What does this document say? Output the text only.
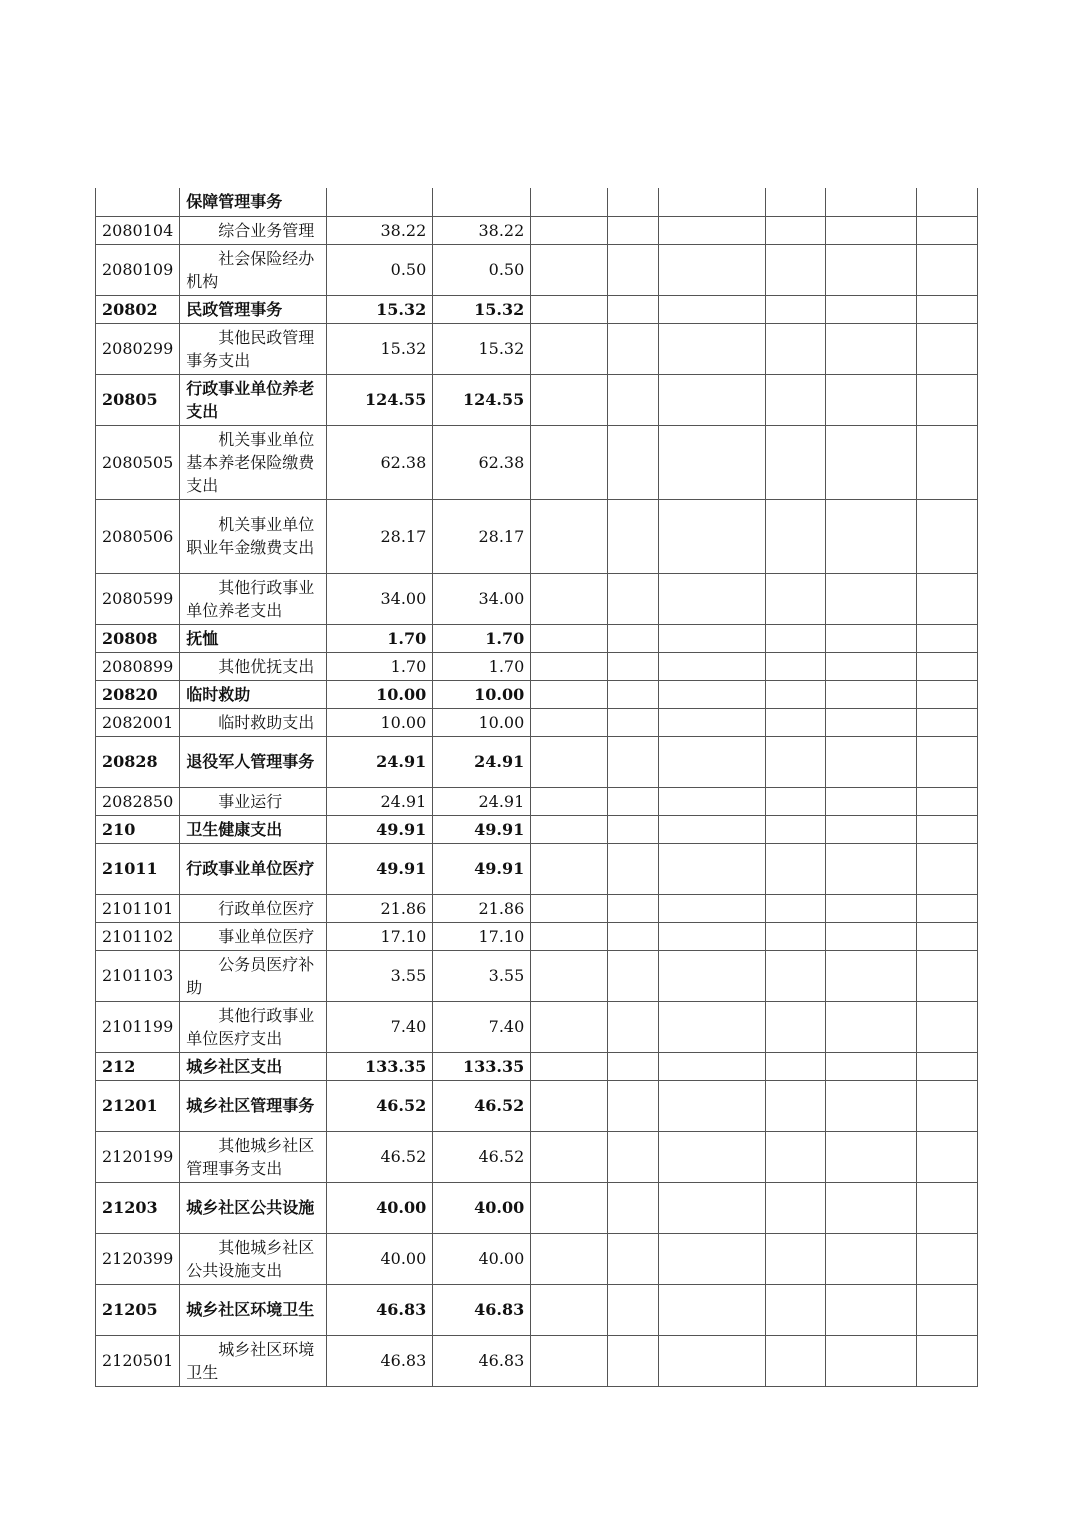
	保障管理事务								
2080104	综合业务管理	38.22	38.22						
2080109	社会保险经办机构	0.50	0.50						
20802	民政管理事务	15.32	15.32						
2080299	其他民政管理事务支出	15.32	15.32						
20805	行政事业单位养老支出	124.55	124.55						
2080505	机关事业单位基本养老保险缴费支出	62.38	62.38						
2080506	机关事业单位职业年金缴费支出	28.17	28.17						
2080599	其他行政事业单位养老支出	34.00	34.00						
20808	抚恤	1.70	1.70						
2080899	其他优抚支出	1.70	1.70						
20820	临时救助	10.00	10.00						
2082001	临时救助支出	10.00	10.00						
20828	退役军人管理事务	24.91	24.91						
2082850	事业运行	24.91	24.91						
210	卫生健康支出	49.91	49.91						
21011	行政事业单位医疗	49.91	49.91						
2101101	行政单位医疗	21.86	21.86						
2101102	事业单位医疗	17.10	17.10						
2101103	公务员医疗补助	3.55	3.55						
2101199	其他行政事业单位医疗支出	7.40	7.40						
212	城乡社区支出	133.35	133.35						
21201	城乡社区管理事务	46.52	46.52						
2120199	其他城乡社区管理事务支出	46.52	46.52						
21203	城乡社区公共设施	40.00	40.00						
2120399	其他城乡社区公共设施支出	40.00	40.00						
21205	城乡社区环境卫生	46.83	46.83						
2120501	城乡社区环境卫生	46.83	46.83						
